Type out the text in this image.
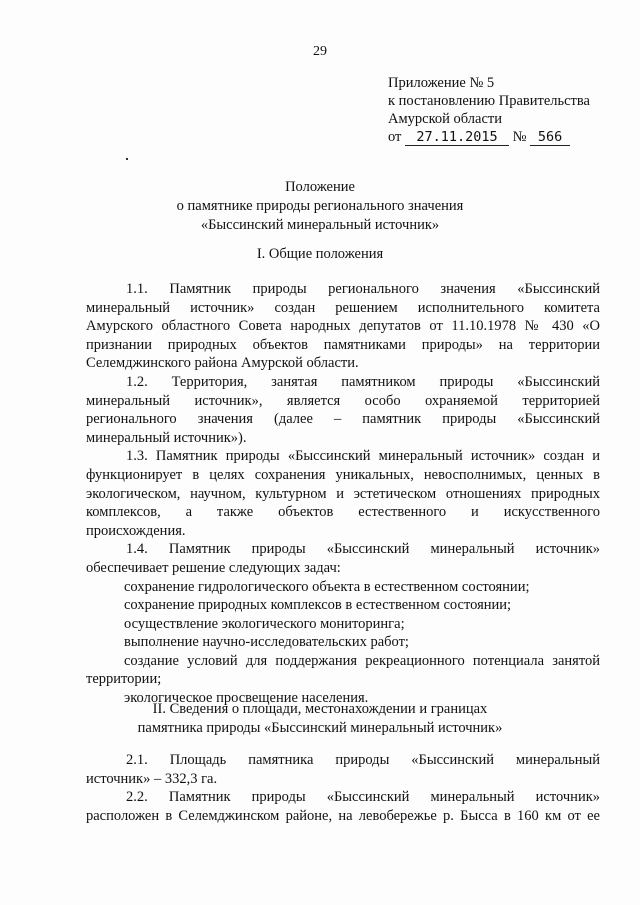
29
Приложение № 5
к постановлению Правительства
Амурской области
от 27.11.2015 № 566
Положение
о памятнике природы регионального значения
«Быссинский минеральный источник»
I. Общие положения
1.1. Памятник природы регионального значения «Быссинский
минеральный источник» создан решением исполнительного комитета
Амурского областного Совета народных депутатов от 11.10.1978 № 430 «О
признании природных объектов памятниками природы» на территории
Селемджинского района Амурской области.
1.2. Территория, занятая памятником природы «Быссинский
минеральный источник», является особо охраняемой территорией
регионального значения (далее – памятник природы «Быссинский
минеральный источник»).
1.3. Памятник природы «Быссинский минеральный источник» создан и
функционирует в целях сохранения уникальных, невосполнимых, ценных в
экологическом, научном, культурном и эстетическом отношениях природных
комплексов, а также объектов естественного и искусственного
происхождения.
1.4. Памятник природы «Быссинский минеральный источник»
обеспечивает решение следующих задач:
сохранение гидрологического объекта в естественном состоянии;
сохранение природных комплексов в естественном состоянии;
осуществление экологического мониторинга;
выполнение научно-исследовательских работ;
создание условий для поддержания рекреационного потенциала занятой
территории;
экологическое просвещение населения.
II. Сведения о площади, местонахождении и границах
памятника природы «Быссинский минеральный источник»
2.1. Площадь памятника природы «Быссинский минеральный
источник» – 332,3 га.
2.2. Памятник природы «Быссинский минеральный источник»
расположен в Селемджинском районе, на левобережье р. Бысса в 160 км от ее
